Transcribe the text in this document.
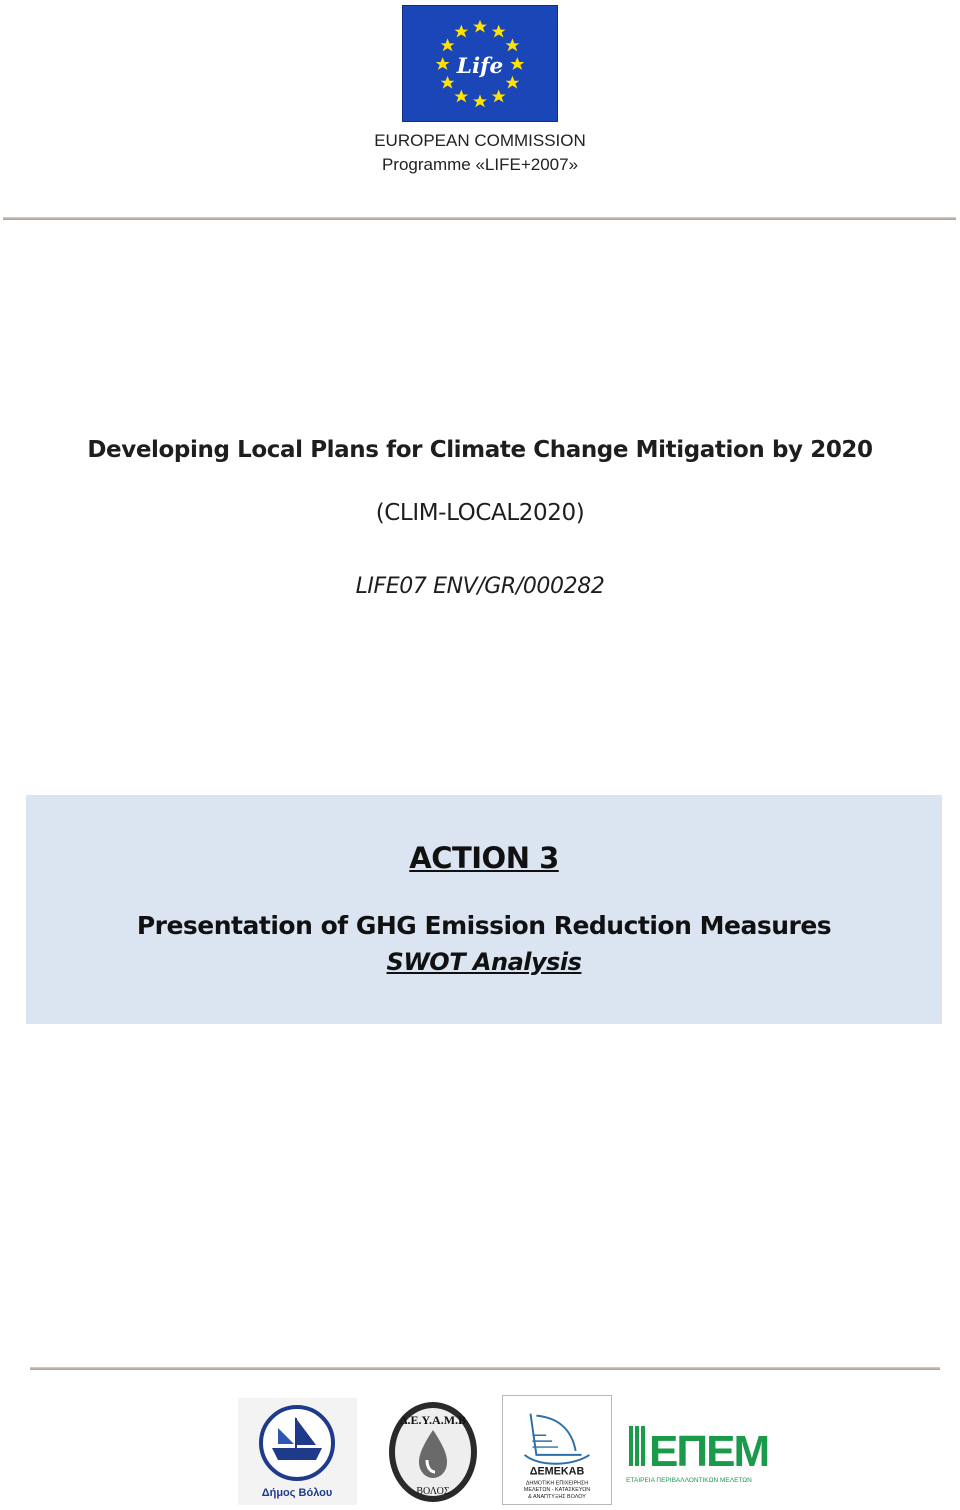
Life
EUROPEAN COMMISSION
Programme «LIFE+2007»
Developing Local Plans for Climate Change Mitigation by 2020
(CLIM-LOCAL2020)
LIFE07 ENV/GR/000282
ACTION 3
Presentation of GHG Emission Reduction Measures
SWOT Analysis
Δήμος Βόλου
Δ.Ε.Υ.Α.Μ.Β
ΒΟΛΟΣ
ΔΕΜΕΚΑΒ
ΔΗΜΟΤΙΚΗ ΕΠΙΧΕΙΡΗΣΗ
ΜΕΛΕΤΩΝ - ΚΑΤΑΣΚΕΥΩΝ
& ΑΝΑΠΤΥΞΗΣ ΒΟΛΟΥ
ΕΠΕΜ
ΕΤΑΙΡΕΙΑ ΠΕΡΙΒΑΛΛΟΝΤΙΚΩΝ ΜΕΛΕΤΩΝ
